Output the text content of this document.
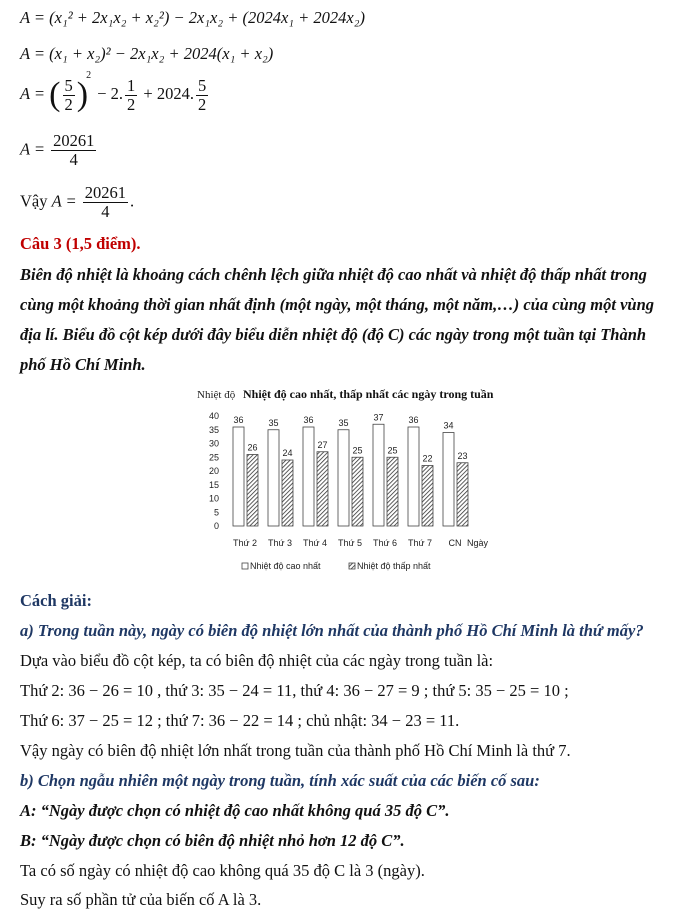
A = (x₁² + 2x₁x₂ + x₂²) − 2x₁x₂ + (2024x₁ + 2024x₂)
A = (x₁ + x₂)² − 2x₁x₂ + 2024(x₁ + x₂)
A = ( $\frac{5}{2} )^2 - 2$. $\frac{1}{2} + 2024$. $\frac{5}{2}$
$A = \frac{20261}{4}$
Vậy $A = \frac{20261}{4}$ .
Câu 3 (1,5 điểm).
Biên độ nhiệt là khoảng cách chênh lệch giữa nhiệt độ cao nhất và nhiệt độ thấp nhất trong
cùng một khoảng thời gian nhất định (một ngày, một tháng, một năm,…) của cùng một vùng
địa lí. Biểu đồ cột kép dưới đây biểu diễn nhiệt độ (độ C) các ngày trong một tuần tại Thành
phố Hồ Chí Minh.
Nhiệt độ Nhiệt độ cao nhất, thấp nhất các ngày trong tuần
0
5
10
15
20
25
30
35
40 36
26
35
24
36
27
35
25
37
25
36
22
34
23
Thứ 2 Thứ 3 Thứ 4 Thứ 5 Thứ 6 Thứ 7 CN Ngày
Nhiệt độ cao nhất	Nhiệt độ thấp nhất
Cách giải:
a) Trong tuần này, ngày có biên độ nhiệt lớn nhất của thành phố Hồ Chí Minh là thứ mấy?
Dựa vào biểu đồ cột kép, ta có biên độ nhiệt của các ngày trong tuần là:
Thứ 2: 36 − 26 = 10 , thứ 3: 35 − 24 = 11, thứ 4: 36 − 27 = 9 ; thứ 5: 35 − 25 = 10 ;
Thứ 6: 37 − 25 = 12 ; thứ 7: 36 − 22 = 14 ; chủ nhật: 34 − 23 = 11.
Vậy ngày có biên độ nhiệt lớn nhất trong tuần của thành phố Hồ Chí Minh là thứ 7.
b) Chọn ngẫu nhiên một ngày trong tuần, tính xác suất của các biến cố sau:
A: “Ngày được chọn có nhiệt độ cao nhất không quá 35 độ C”.
B: “Ngày được chọn có biên độ nhiệt nhỏ hơn 12 độ C”.
Ta có số ngày có nhiệt độ cao không quá 35 độ C là 3 (ngày).
Suy ra số phần tử của biến cố A là 3.
